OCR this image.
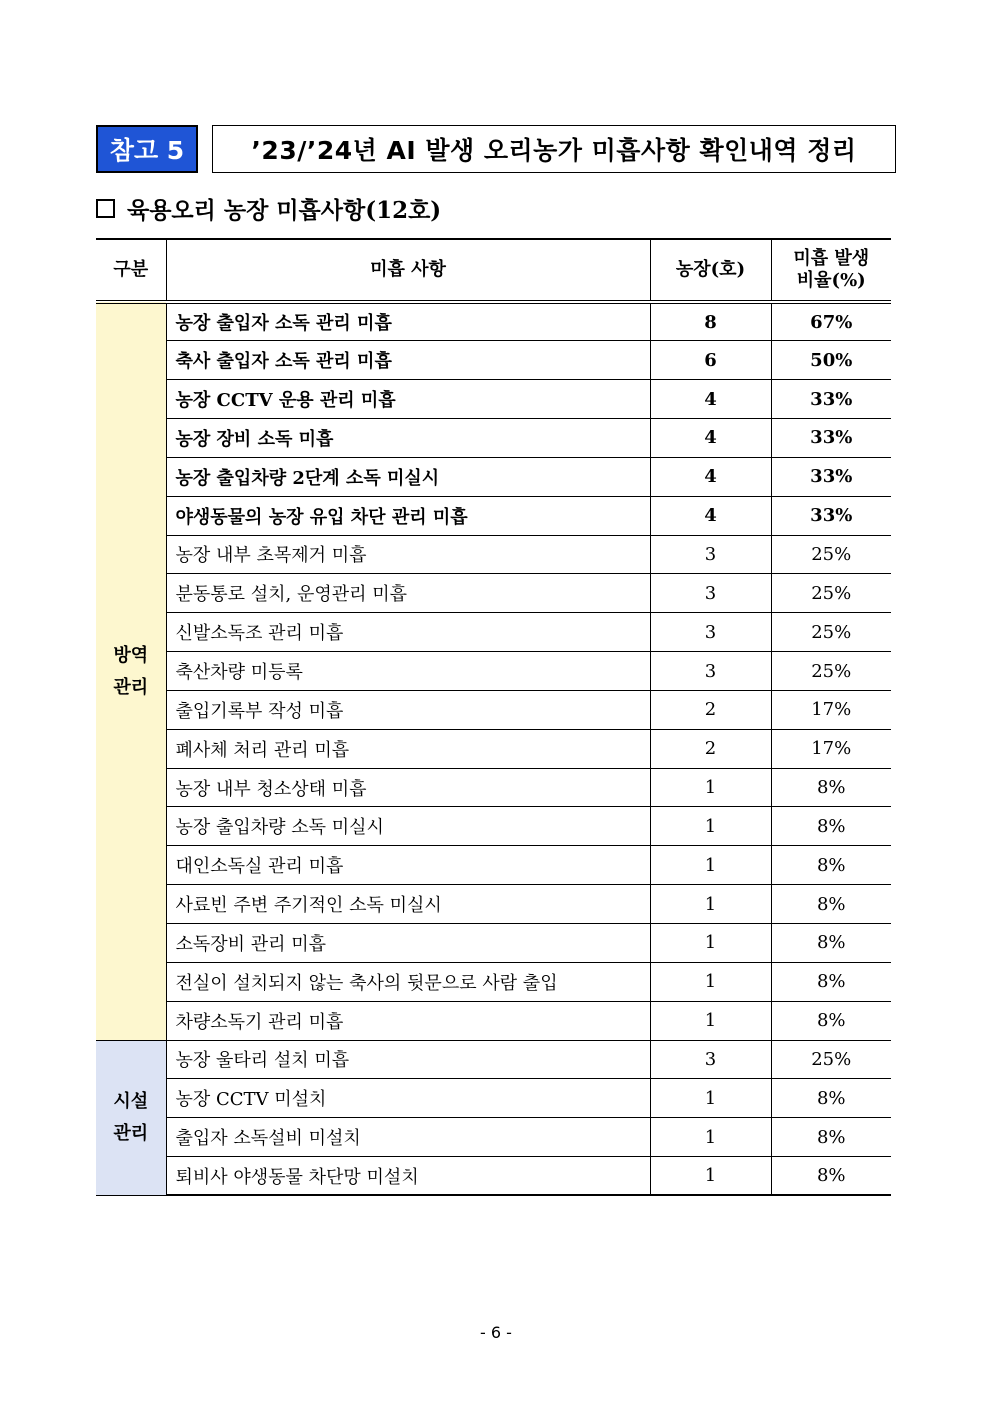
참고 5	’23/’24년 AI 발생 오리농가 미흡사항 확인내역 정리
육용오리 농장 미흡사항(12호)
구분	미흡 사항	농장(호)	미흡 발생
비율(%)
방역
관리	농장 출입자 소독 관리 미흡	8	67%
	축사 출입자 소독 관리 미흡	6	50%
	농장 CCTV 운용 관리 미흡	4	33%
	농장 장비 소독 미흡	4	33%
	농장 출입차량 2단계 소독 미실시	4	33%
	야생동물의 농장 유입 차단 관리 미흡	4	33%
	농장 내부 초목제거 미흡	3	25%
	분동통로 설치, 운영관리 미흡	3	25%
	신발소독조 관리 미흡	3	25%
	축산차량 미등록	3	25%
	출입기록부 작성 미흡	2	17%
	폐사체 처리 관리 미흡	2	17%
	농장 내부 청소상태 미흡	1	8%
	농장 출입차량 소독 미실시	1	8%
	대인소독실 관리 미흡	1	8%
	사료빈 주변 주기적인 소독 미실시	1	8%
	소독장비 관리 미흡	1	8%
	전실이 설치되지 않는 축사의 뒷문으로 사람 출입	1	8%
	차량소독기 관리 미흡	1	8%
시설
관리	농장 울타리 설치 미흡	3	25%
	농장 CCTV 미설치	1	8%
	출입자 소독설비 미설치	1	8%
	퇴비사 야생동물 차단망 미설치	1	8%
- 6 -
